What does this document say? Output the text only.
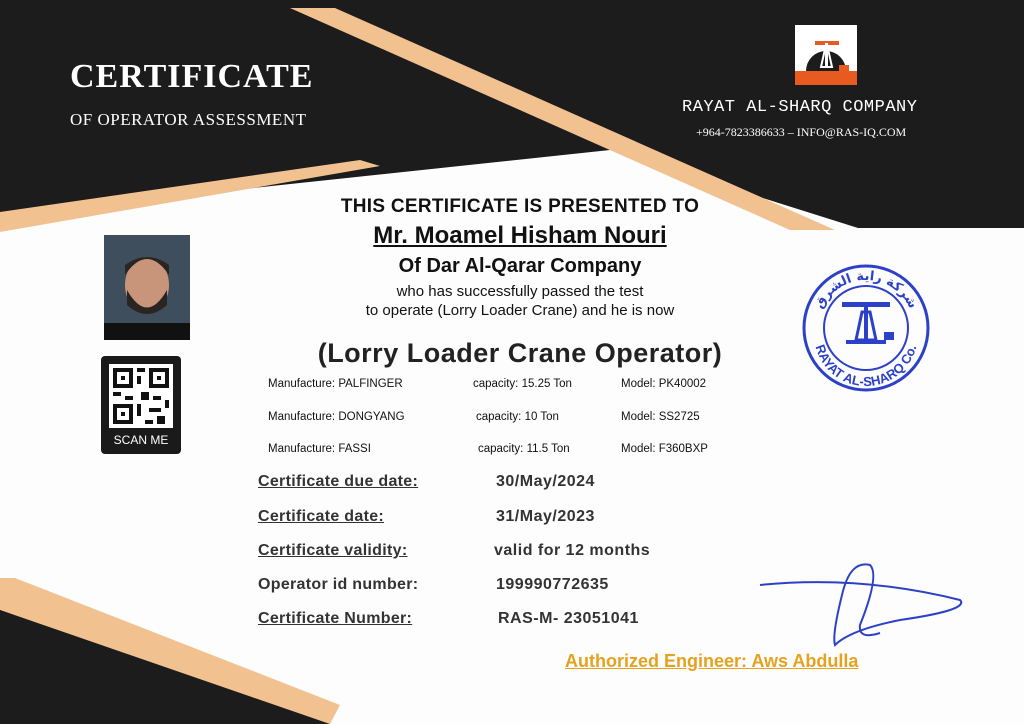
CERTIFICATE
OF OPERATOR ASSESSMENT
RAYAT AL-SHARQ COMPANY
+964-7823386633 – INFO@RAS-IQ.COM
THIS CERTIFICATE IS PRESENTED TO
Mr. Moamel Hisham Nouri
Of Dar Al-Qarar Company
who has successfully passed the test
to operate (Lorry Loader Crane) and he is now
(Lorry Loader Crane Operator)
SCAN ME
Manufacture: PALFINGER	capacity: 15.25 Ton	Model: PK40002
Manufacture: DONGYANG	capacity: 10 Ton	Model: SS2725
Manufacture: FASSI	capacity: 11.5 Ton	Model: F360BXP
Certificate due date:	30/May/2024
Certificate date:	31/May/2023
Certificate validity:	valid for 12 months
Operator id number:	199990772635
Certificate Number:	RAS-M- 23051041
شركة راية الشرق
RAYAT AL-SHARQ Co.
Authorized Engineer: Aws Abdulla
